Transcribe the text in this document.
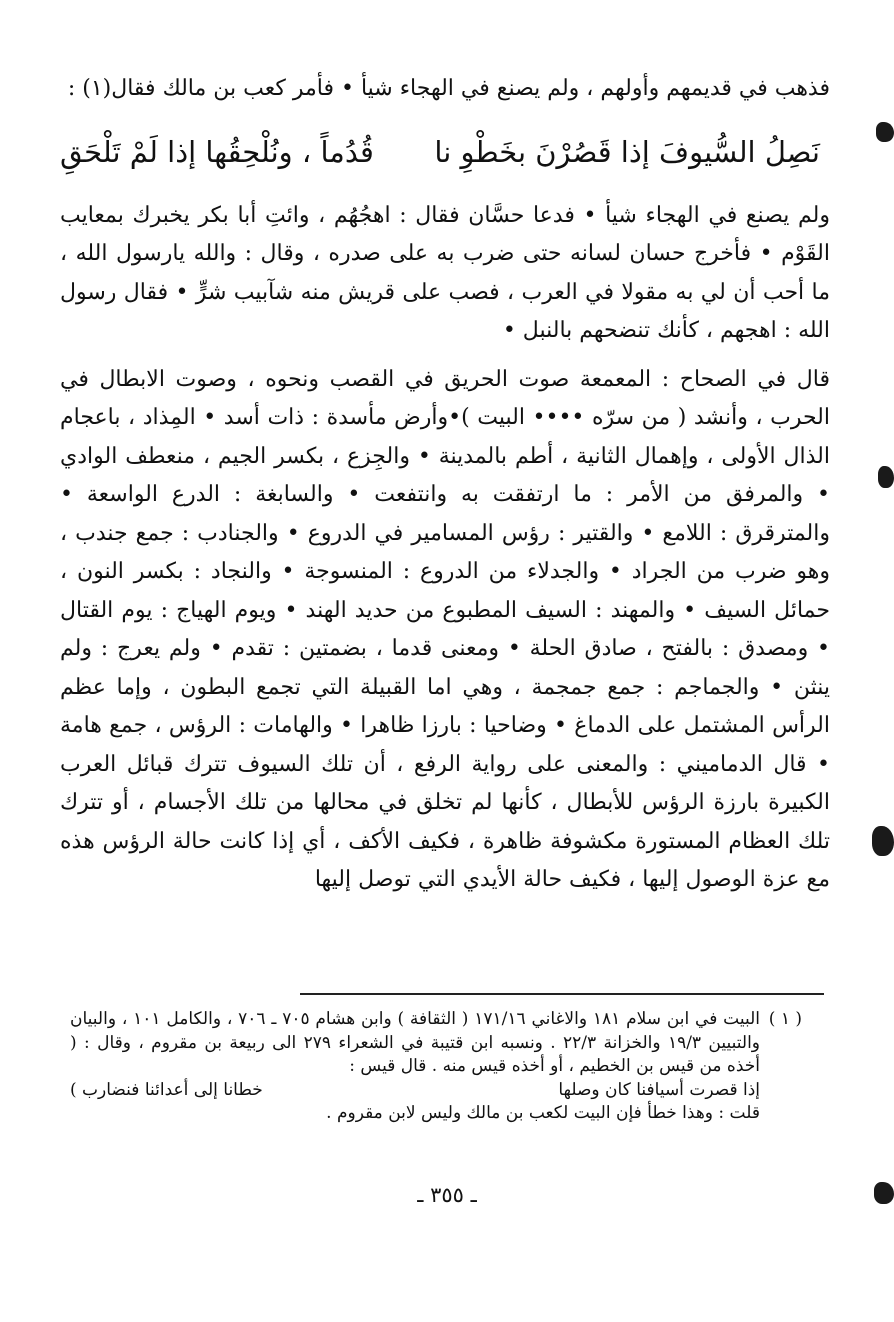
فذهب في قديمهم وأولهم ، ولم يصنع في الهجاء شيأ • فأمر كعب بن مالك فقال(١) :

نَصِلُ السُّيوفَ إذا قَصُرْنَ بخَطْوِ نا
قُدُماً ، ونُلْحِقُها إذا لَمْ تَلْحَقِ

ولم يصنع في الهجاء شيأ • فدعا حسَّان فقال : اهجُهُم ، وائتِ أبا بكر يخبرك بمعايب القَوْم • فأخرج حسان لسانه حتى ضرب به على صدره ، وقال : والله يارسول الله ، ما أحب أن لي به مقولا في العرب ، فصب على قريش منه شآبيب شرٍّ • فقال رسول الله : اهجهم ، كأنك تنضحهم بالنبل •

قال في الصحاح : المعمعة صوت الحريق في القصب ونحوه ، وصوت الابطال في الحرب ، وأنشد ( من سرّه •••• البيت )•وأرض مأسدة : ذات أسد • المِذاد ، باعجام الذال الأولى ، وإهمال الثانية ، أطم بالمدينة • والجِزع ، بكسر الجيم ، منعطف الوادي • والمرفق من الأمر : ما ارتفقت به وانتفعت • والسابغة : الدرع الواسعة • والمترقرق : اللامع • والقتير : رؤس المسامير في الدروع • والجنادب : جمع جندب ، وهو ضرب من الجراد • والجدلاء من الدروع : المنسوجة • والنجاد : بكسر النون ، حمائل السيف • والمهند : السيف المطبوع من حديد الهند • ويوم الهياج : يوم القتال • ومصدق : بالفتح ، صادق الحلة • ومعنى قدما ، بضمتين : تقدم • ولم يعرج : ولم ينثن • والجماجم : جمع جمجمة ، وهي اما القبيلة التي تجمع البطون ، وإما عظم الرأس المشتمل على الدماغ • وضاحيا : بارزا ظاهرا • والهامات : الرؤس ، جمع هامة • قال الدماميني : والمعنى على رواية الرفع ، أن تلك السيوف تترك قبائل العرب الكبيرة بارزة الرؤس للأبطال ، كأنها لم تخلق في محالها من تلك الأجسام ، أو تترك تلك العظام المستورة مكشوفة ظاهرة ، فكيف الأكف ، أي إذا كانت حالة الرؤس هذه مع عزة الوصول إليها ، فكيف حالة الأيدي التي توصل إليها

( ١ )
البيت في ابن سلام ١٨١ والاغاني ١٧١/١٦ ( الثقافة ) وابن هشام ٧٠٥ ـ ٧٠٦ ، والكامل ١٠١ ، والبيان والتبيين ١٩/٣ والخزانة ٢٢/٣ . ونسبه ابن قتيبة في الشعراء ٢٧٩ الى ربيعة بن مقروم ، وقال : ( أخذه من قيس بن الخطيم ، أو أخذه قيس منه . قال قيس :
إذا قصرت أسيافنا كان وصلها
خطانا إلى أعدائنا فنضارب )
قلت : وهذا خطأ فإن البيت لكعب بن مالك وليس لابن مقروم .
ـ ٣٥٥ ـ
